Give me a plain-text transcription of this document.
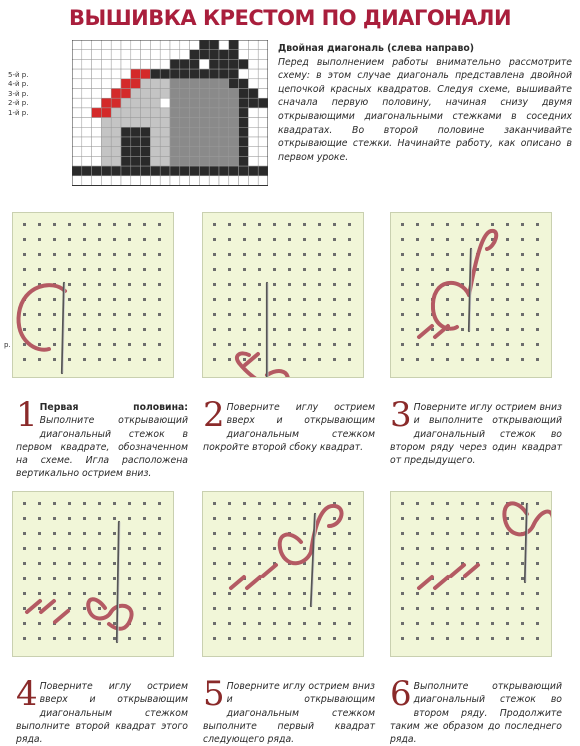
ВЫШИВКА КРЕСТОМ ПО ДИАГОНАЛИ
5-й р.
4-й р.
3-й р.
2-й р.
1-й р.
Двойная диагональ (слева направо)
Перед выполнением работы внимательно рассмотрите схему: в этом случае диагональ представлена двойной цепочкой красных квадратов. Следуя схеме, вышивайте сначала первую половину, начиная снизу двумя открывающими диагональными стежками в соседних квадратах. Во второй половине заканчивайте открывающие стежки. Начинайте работу, как описано в первом уроке.
р.
1 Первая половина: Выполните открывающий диагональный стежок в первом квадрате, обозначенном на схеме. Игла расположена вертикально острием вниз.
2 Поверните иглу острием вверх и открывающим диагональным стежком покройте второй сбоку квадрат.
3 Поверните иглу острием вниз и выполните открывающий диагональный стежок во втором ряду через один квадрат от предыдущего.
4 Поверните иглу острием вверх и открывающим диагональным стежком выполните второй квадрат этого ряда.
5 Поверните иглу острием вниз и открывающим диагональным стежком выполните первый квадрат следующего ряда.
6 Выполните открывающий диагональный стежок во втором ряду. Продолжите таким же образом до последнего ряда.
